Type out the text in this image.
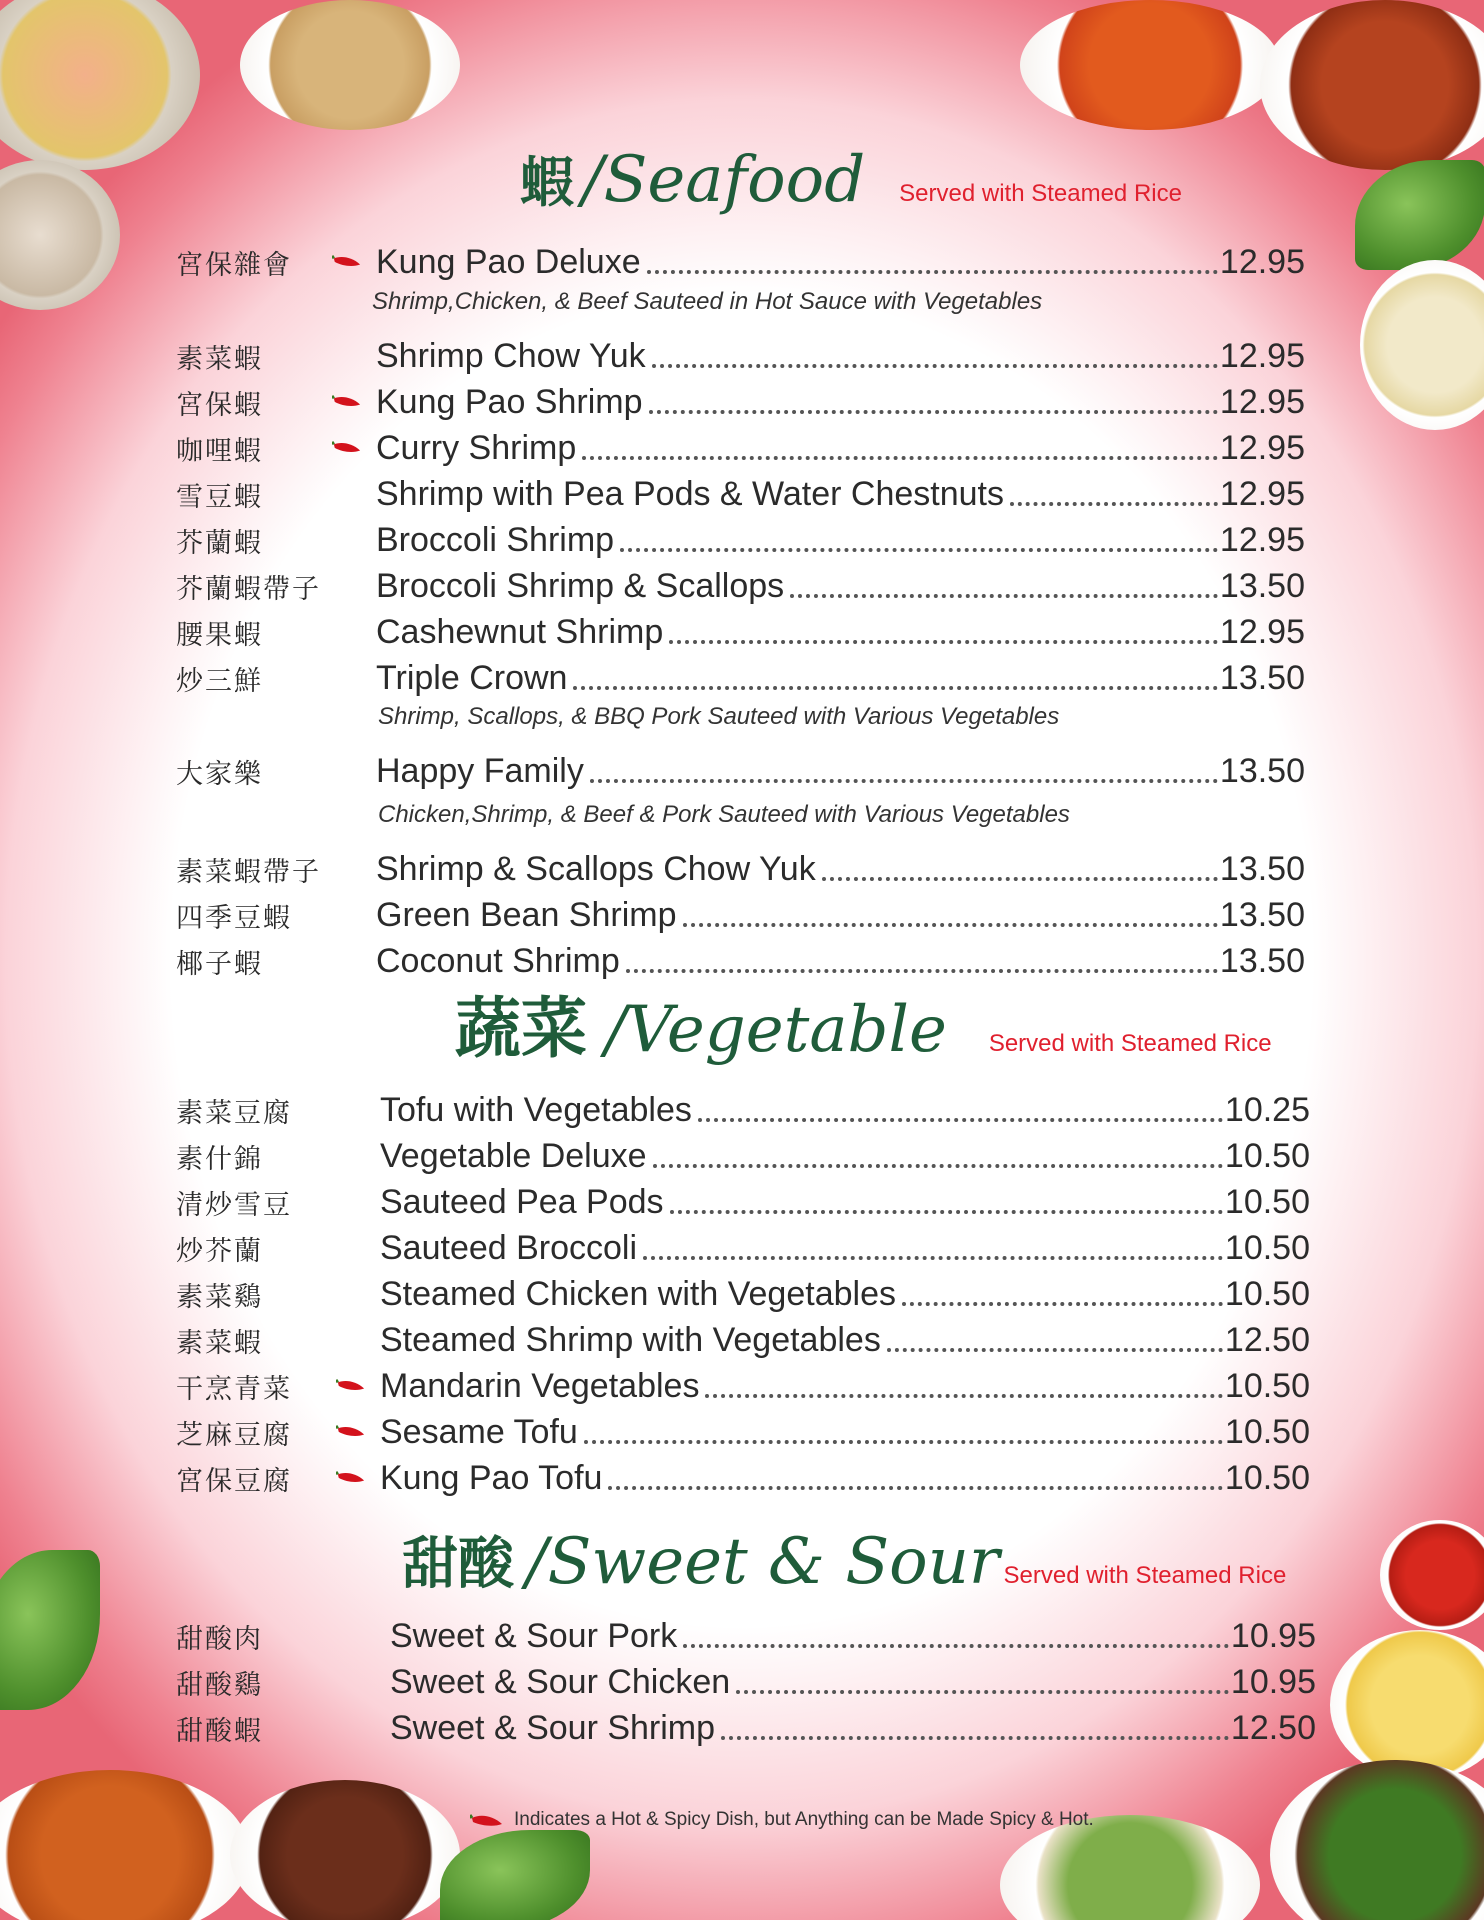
蝦 /Seafood Served with Steamed Rice
宮保雜會	Kung Pao Deluxe	12.95
素菜蝦	Shrimp Chow Yuk	12.95
宮保蝦	Kung Pao Shrimp	12.95
咖哩蝦	Curry Shrimp	12.95
雪豆蝦	Shrimp with Pea Pods & Water Chestnuts	12.95
芥蘭蝦	Broccoli Shrimp	12.95
芥蘭蝦帶子	Broccoli Shrimp & Scallops	13.50
腰果蝦	Cashewnut Shrimp	12.95
炒三鮮	Triple Crown	13.50
大家樂	Happy Family	13.50
素菜蝦帶子	Shrimp & Scallops Chow Yuk	13.50
四季豆蝦	Green Bean Shrimp	13.50
椰子蝦	Coconut Shrimp	13.50
Shrimp,Chicken, & Beef Sauteed in Hot Sauce with Vegetables
Shrimp, Scallops, & BBQ Pork Sauteed with Various Vegetables
Chicken,Shrimp, & Beef & Pork Sauteed with Various Vegetables
蔬菜 /Vegetable Served with Steamed Rice
素菜豆腐	Tofu with Vegetables	10.25
素什錦	Vegetable Deluxe	10.50
清炒雪豆	Sauteed Pea Pods	10.50
炒芥蘭	Sauteed Broccoli	10.50
素菜鷄	Steamed Chicken with Vegetables	10.50
素菜蝦	Steamed Shrimp with Vegetables	12.50
干烹青菜	Mandarin Vegetables	10.50
芝麻豆腐	Sesame Tofu	10.50
宮保豆腐	Kung Pao Tofu	10.50
甜酸 /Sweet & Sour Served with Steamed Rice
甜酸肉	Sweet & Sour Pork	10.95
甜酸鷄	Sweet & Sour Chicken	10.95
甜酸蝦	Sweet & Sour Shrimp	12.50
Indicates a Hot & Spicy Dish, but Anything can be Made Spicy & Hot.
